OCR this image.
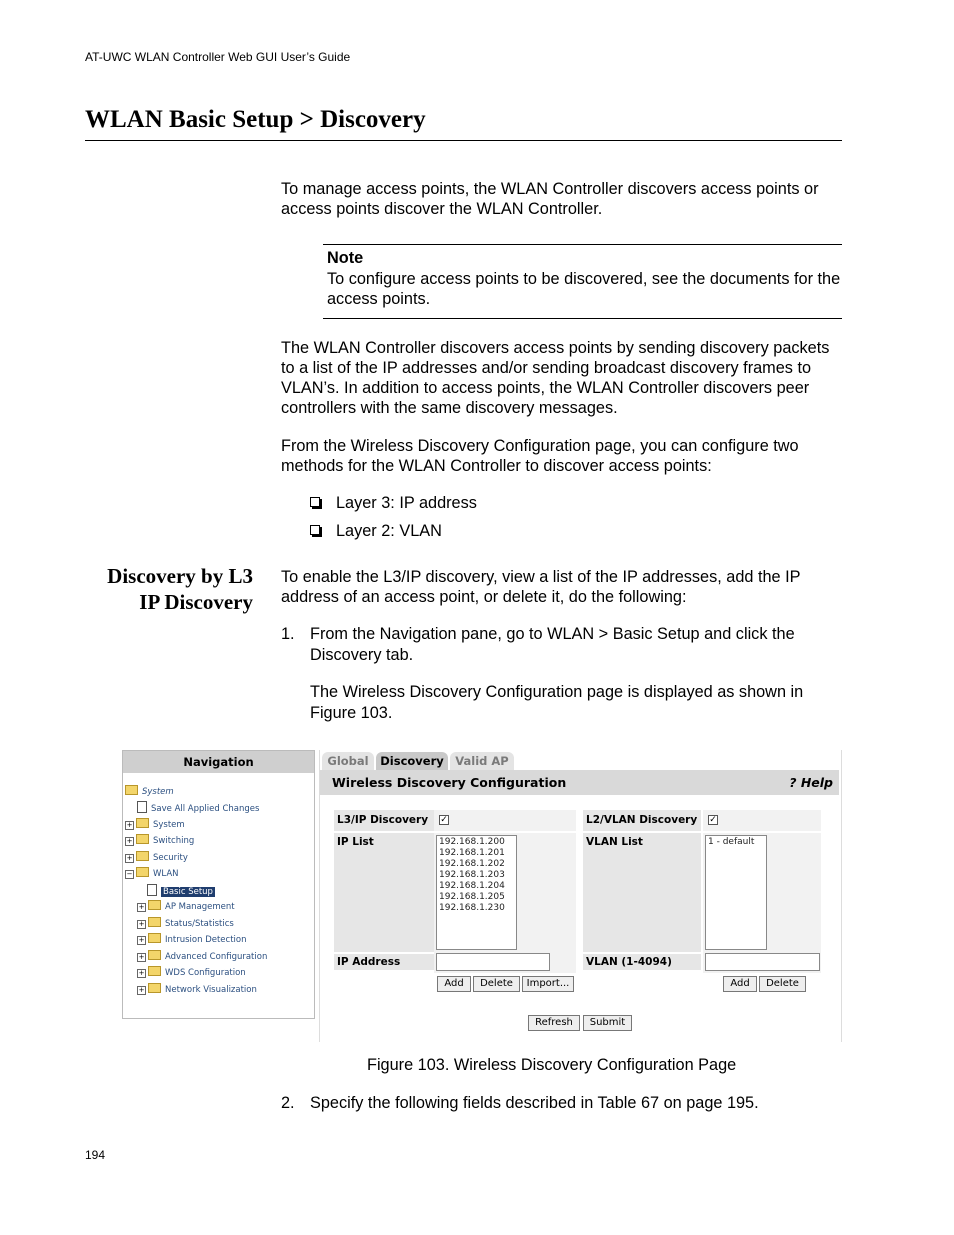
AT-UWC WLAN Controller Web GUI User’s Guide
WLAN Basic Setup > Discovery
To manage access points, the WLAN Controller discovers access points or access points discover the WLAN Controller.
Note
To configure access points to be discovered, see the documents for the access points.
The WLAN Controller discovers access points by sending discovery packets to a list of the IP addresses and/or sending broadcast discovery frames to VLAN’s. In addition to access points, the WLAN Controller discovers peer controllers with the same discovery messages.
From the Wireless Discovery Configuration page, you can configure two methods for the WLAN Controller to discover access points:
Layer 3: IP address
Layer 2: VLAN
Discovery by L3
IP Discovery
To enable the L3/IP discovery, view a list of the IP addresses, add the IP address of an access point, or delete it, do the following:
1. From the Navigation pane, go to WLAN > Basic Setup and click the Discovery tab.
The Wireless Discovery Configuration page is displayed as shown in Figure 103.
Navigation
System
Save All Applied Changes
+ System
+ Switching
+ Security
− WLAN
Basic Setup
+ AP Management
+ Status/Statistics
+ Intrusion Detection
+ Advanced Configuration
+ WDS Configuration
+ Network Visualization
Global	Discovery	Valid AP
Wireless Discovery Configuration	? Help
L3/IP Discovery	✓
IP List	192.168.1.200
192.168.1.201
192.168.1.202
192.168.1.203
192.168.1.204
192.168.1.205
192.168.1.230
IP Address
Add	Delete	Import...
L2/VLAN Discovery	✓
VLAN List	1 - default
VLAN (1-4094)
Add	Delete
Refresh	Submit
Figure 103. Wireless Discovery Configuration Page
2. Specify the following fields described in Table 67 on page 195.
194
